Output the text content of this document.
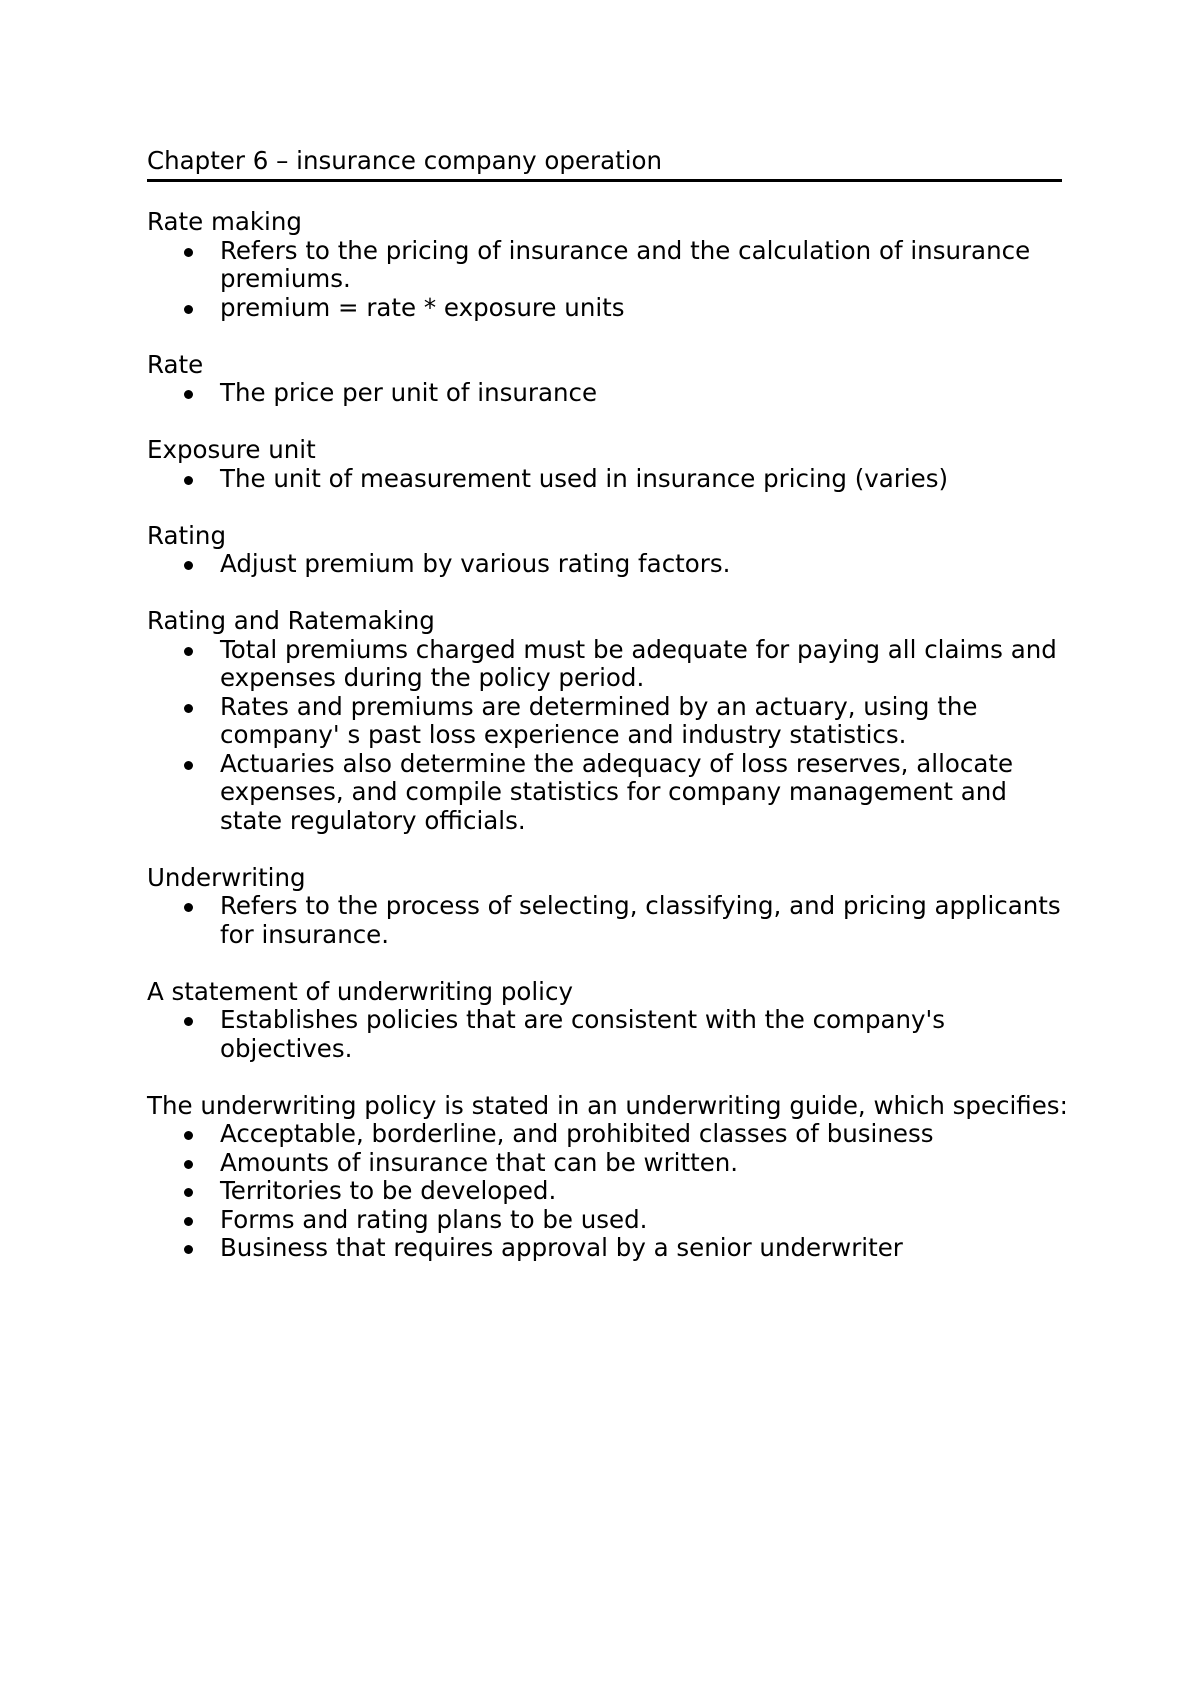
Chapter 6 – insurance company operation
Rate making
Refers to the pricing of insurance and the calculation of insurance premiums.
premium = rate * exposure units
Rate
The price per unit of insurance
Exposure unit
The unit of measurement used in insurance pricing (varies)
Rating
Adjust premium by various rating factors.
Rating and Ratemaking
Total premiums charged must be adequate for paying all claims and expenses during the policy period.
Rates and premiums are determined by an actuary, using the company' s past loss experience and industry statistics.
Actuaries also determine the adequacy of loss reserves, allocate expenses, and compile statistics for company management and state regulatory officials.
Underwriting
Refers to the process of selecting, classifying, and pricing applicants for insurance.
A statement of underwriting policy
Establishes policies that are consistent with the company's objectives.
The underwriting policy is stated in an underwriting guide, which specifies:
Acceptable, borderline, and prohibited classes of business
Amounts of insurance that can be written.
Territories to be developed.
Forms and rating plans to be used.
Business that requires approval by a senior underwriter
